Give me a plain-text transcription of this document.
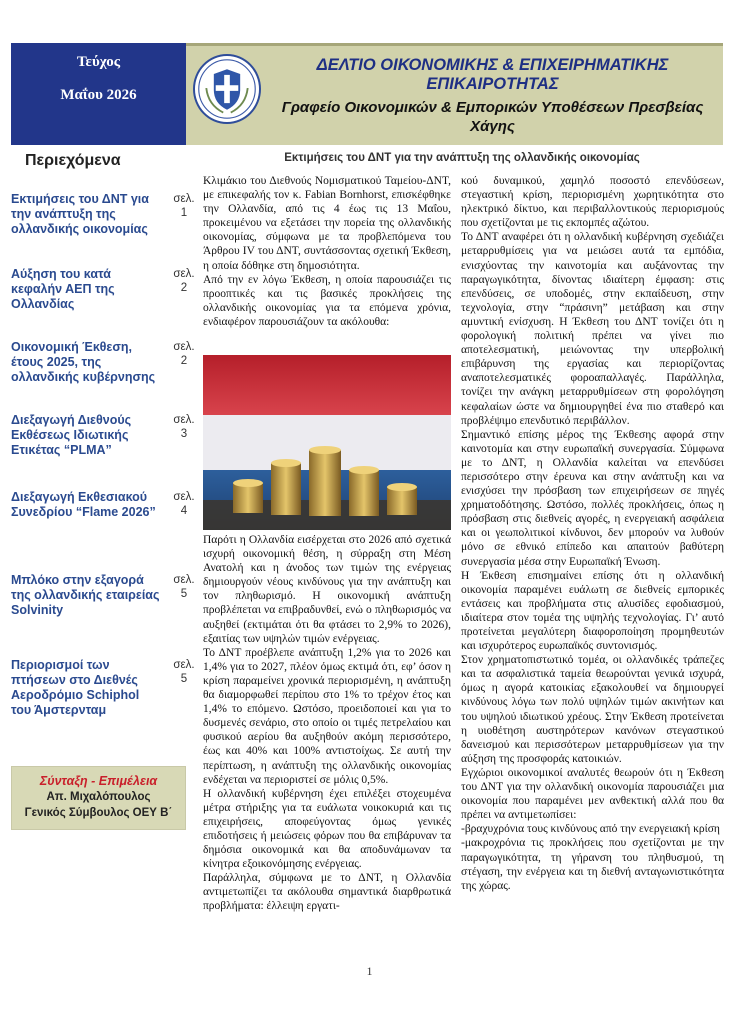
Τεύχος
Μαΐου 2026
ΔΕΛΤΙΟ ΟΙΚΟΝΟΜΙΚΗΣ & ΕΠΙΧΕΙΡΗΜΑΤΙΚΗΣ ΕΠΙΚΑΙΡΟΤΗΤΑΣ
Γραφείο Οικονομικών & Εμπορικών Υποθέσεων Πρεσβείας Χάγης
Περιεχόμενα
Εκτιμήσεις του ΔΝΤ για την ανάπτυξη της ολλανδικής οικονομίας
σελ. 1
Αύξηση του κατά κεφαλήν ΑΕΠ της Ολλανδίας
σελ. 2
Οικονομική Έκθεση, έτους 2025, της ολλανδικής κυβέρνησης
σελ. 2
Διεξαγωγή Διεθνούς Εκθέσεως Ιδιωτικής Ετικέτας “PLMA”
σελ. 3
Διεξαγωγή Εκθεσιακού Συνεδρίου “Flame 2026”
σελ. 4
Μπλόκο στην εξαγορά της ολλανδικής εταιρείας Solvinity
σελ. 5
Περιορισμοί των πτήσεων στο Διεθνές Αεροδρόμιο Schiphol του Άμστερνταμ
σελ. 5
Σύνταξη - Επιμέλεια
Απ. Μιχαλόπουλος
Γενικός Σύμβουλος ΟΕΥ Β΄
Εκτιμήσεις του ΔΝΤ για την ανάπτυξη της ολλανδικής οικονομίας

Κλιμάκιο του Διεθνούς Νομισματικού Ταμείου-ΔΝΤ, με επικεφαλής τον κ. Fabian Bornhorst, επισκέφθηκε την Ολλανδία, από τις 4 έως τις 13 Μαΐου, προκειμένου να εξετάσει την πορεία της ολλανδικής οικονομίας, σύμφωνα με τα προβλεπόμενα του Άρθρου IV του ΔΝΤ, συντάσσοντας σχετική Έκθεση, η οποία δόθηκε στη δημοσιότητα.

Από την εν λόγω Έκθεση, η οποία παρουσιάζει τις προοπτικές και τις βασικές προκλήσεις της ολλανδικής οικονομίας για τα επόμενα χρόνια, ενδιαφέρον παρουσιάζουν τα ακόλουθα:

Παρότι η Ολλανδία εισέρχεται στο 2026 από σχετικά ισχυρή οικονομική θέση, η σύρραξη στη Μέση Ανατολή και η άνοδος των τιμών της ενέργειας δημιουργούν νέους κινδύνους για την ανάπτυξη και τον πληθωρισμό. Η οικονομική ανάπτυξη προβλέπεται να επιβραδυνθεί, ενώ ο πληθωρισμός να αυξηθεί (εκτιμάται ότι θα φτάσει το 2,9% το 2026), εξαιτίας των υψηλών τιμών ενέργειας.

Το ΔΝΤ προέβλεπε ανάπτυξη 1,2% για το 2026 και 1,4% για το 2027, πλέον όμως εκτιμά ότι, εφ’ όσον η κρίση παραμείνει χρονικά περιορισμένη, η ανάπτυξη θα διαμορφωθεί περίπου στο 1% το τρέχον έτος και 1,4% το επόμενο. Ωστόσο, προειδοποιεί και για το δυσμενές σενάριο, στο οποίο οι τιμές πετρελαίου και φυσικού αερίου θα αυξηθούν ακόμη περισσότερο, έως και 40% και 100% αντιστοίχως. Σε αυτή την περίπτωση, η ανάπτυξη της ολλανδικής οικονομίας ενδέχεται να περιοριστεί σε μόλις 0,5%.

Η ολλανδική κυβέρνηση έχει επιλέξει στοχευμένα μέτρα στήριξης για τα ευάλωτα νοικοκυριά και τις επιχειρήσεις, αποφεύγοντας όμως γενικές επιδοτήσεις ή μειώσεις φόρων που θα επιβάρυναν τα δημόσια οικονομικά και θα αποδυνάμωναν τα κίνητρα εξοικονόμησης ενέργειας.

Παράλληλα, σύμφωνα με το ΔΝΤ, η Ολλανδία αντιμετωπίζει τα ακόλουθα σημαντικά διαρθρωτικά προβλήματα: έλλειψη εργατι-

κού δυναμικού, χαμηλό ποσοστό επενδύσεων, στεγαστική κρίση, περιορισμένη χωρητικότητα στο ηλεκτρικό δίκτυο, και περιβαλλοντικούς περιορισμούς που σχετίζονται με τις εκπομπές αζώτου.

Το ΔΝΤ αναφέρει ότι η ολλανδική κυβέρνηση σχεδιάζει μεταρρυθμίσεις για να μειώσει αυτά τα εμπόδια, ενισχύοντας την καινοτομία και αυξάνοντας την παραγωγικότητα, δίνοντας ιδιαίτερη έμφαση: στις επενδύσεις, σε υποδομές, στην εκπαίδευση, στην τεχνολογία, στην “πράσινη” μετάβαση και στην αμυντική ενίσχυση. Η Έκθεση του ΔΝΤ τονίζει ότι η φορολογική πολιτική πρέπει να γίνει πιο αποτελεσματική, μειώνοντας την υπερβολική επιβάρυνση της εργασίας και περιορίζοντας αναποτελεσματικές φοροαπαλλαγές. Παράλληλα, τονίζει την ανάγκη μεταρρυθμίσεων στη φορολόγηση κεφαλαίων ώστε να δημιουργηθεί ένα πιο σταθερό και προβλέψιμο επενδυτικό περιβάλλον.

Σημαντικό επίσης μέρος της Έκθεσης αφορά στην καινοτομία και στην ευρωπαϊκή συνεργασία. Σύμφωνα με το ΔΝΤ, η Ολλανδία καλείται να επενδύσει περισσότερο στην έρευνα και στην ανάπτυξη και να ενισχύσει την πρόσβαση των επιχειρήσεων σε πηγές χρηματοδότησης. Ωστόσο, πολλές προκλήσεις, όπως η πρόσβαση στις διεθνείς αγορές, η ενεργειακή ασφάλεια και οι γεωπολιτικοί κίνδυνοι, δεν μπορούν να λυθούν μόνο σε εθνικό επίπεδο και απαιτούν βαθύτερη συνεργασία μέσα στην Ευρωπαϊκή Ένωση.

Η Έκθεση επισημαίνει επίσης ότι η ολλανδική οικονομία παραμένει ευάλωτη σε διεθνείς εμπορικές εντάσεις και προβλήματα στις αλυσίδες εφοδιασμού, ιδιαίτερα στον τομέα της υψηλής τεχνολογίας. Γι’ αυτό προτείνεται μεγαλύτερη διαφοροποίηση προμηθευτών και ισχυρότερος ευρωπαϊκός συντονισμός.

Στον χρηματοπιστωτικό τομέα, οι ολλανδικές τράπεζες και τα ασφαλιστικά ταμεία θεωρούνται γενικά ισχυρά, όμως η αγορά κατοικίας εξακολουθεί να δημιουργεί κινδύνους λόγω των πολύ υψηλών τιμών ακινήτων και του υψηλού ιδιωτικού χρέους. Στην Έκθεση προτείνεται η υιοθέτηση αυστηρότερων κανόνων στεγαστικού δανεισμού και περισσότερων μεταρρυθμίσεων για την αύξηση της προσφοράς κατοικιών.

Εγχώριοι οικονομικοί αναλυτές θεωρούν ότι η Έκθεση του ΔΝΤ για την ολλανδική οικονομία παρουσιάζει μια οικονομία που παραμένει μεν ανθεκτική αλλά που θα πρέπει να αντιμετωπίσει:

-βραχυχρόνια τους κινδύνους από την ενεργειακή κρίση

-μακροχρόνια τις προκλήσεις που σχετίζονται με την παραγωγικότητα, τη γήρανση του πληθυσμού, τη στέγαση, την ενέργεια και τη διεθνή ανταγωνιστικότητα της χώρας.

1
